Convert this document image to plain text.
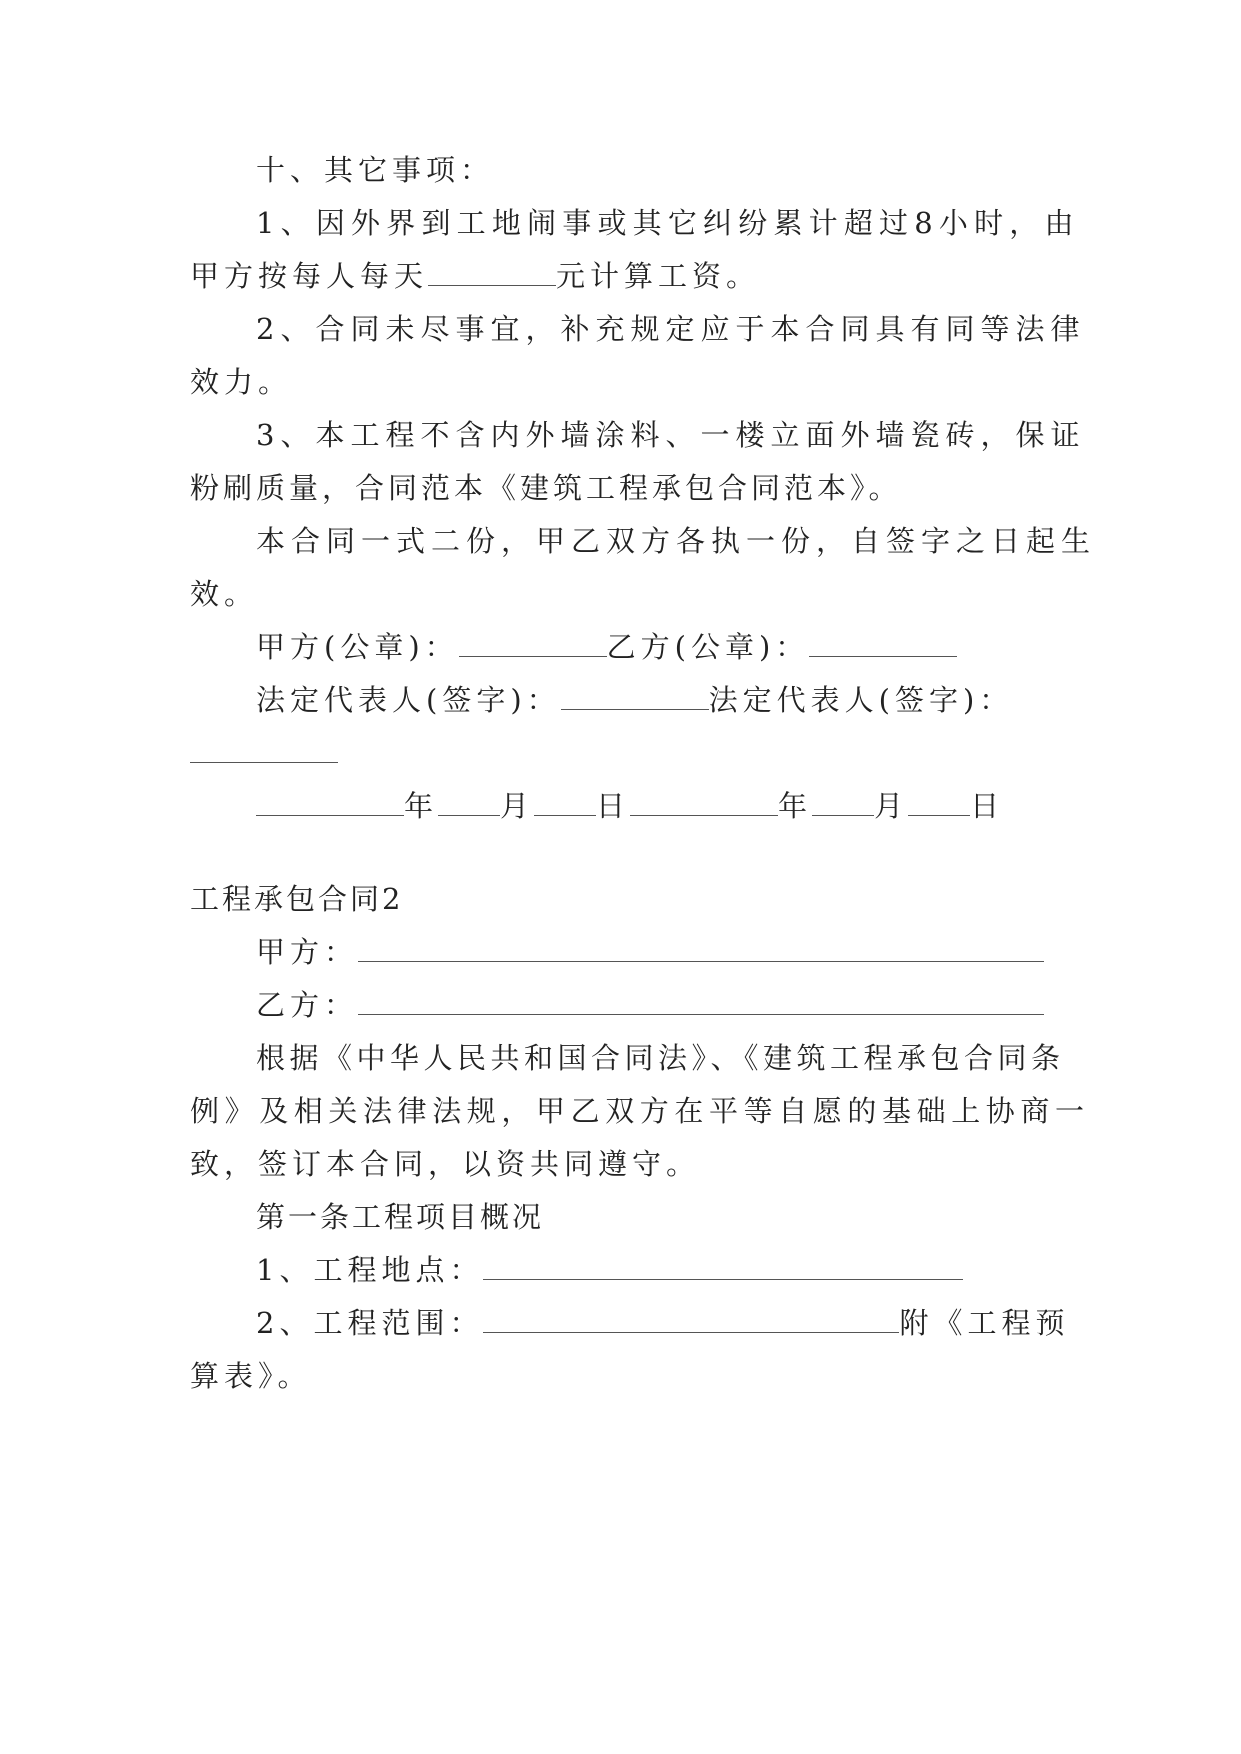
十、其它事项：
1、因外界到工地闹事或其它纠纷累计超过8小时，由
甲方按每人每天	元计算工资。
2、合同未尽事宜，补充规定应于本合同具有同等法律
效力。
3、本工程不含内外墙涂料、一楼立面外墙瓷砖，保证
粉刷质量，合同范本《建筑工程承包合同范本》。
本合同一式二份，甲乙双方各执一份，自签字之日起生
效。
甲方(公章)：	乙方(公章)：
法定代表人(签字)：	法定代表人(签字)：
年 月 日	年 月 日
工程承包合同2
甲方：
乙方：
根据《中华人民共和国合同法》、《建筑工程承包合同条
例》及相关法律法规，甲乙双方在平等自愿的基础上协商一
致，签订本合同，以资共同遵守。
第一条工程项目概况
1、工程地点：
2、工程范围：	附《工程预
算表》。
